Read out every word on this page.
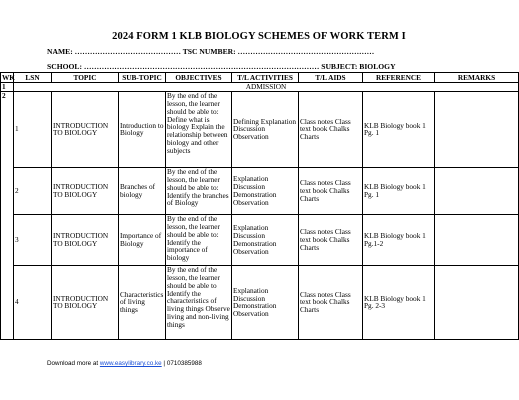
2024 FORM 1 KLB BIOLOGY SCHEMES OF WORK TERM I
NAME: …………………………………… TSC NUMBER: ………………………………………………
SCHOOL: ………………………………………………………………………………… SUBJECT: BIOLOGY
WK	LSN	TOPIC	SUB-TOPIC	OBJECTIVES	T/L ACTIVITIES	T/L AIDS	REFERENCE	REMARKS
1	ADMISSION							
2	1	INTRODUCTION TO BIOLOGY	Introduction to Biology	By the end of the lesson, the learner should be able to: Define what is biology Explain the relationship between biology and other subjects	Defining Explanation Discussion Observation	Class notes Class text book Chalks Charts	KLB Biology book 1 Pg. 1	
	2	INTRODUCTION TO BIOLOGY	Branches of biology	By the end of the lesson, the learner should be able to: Identify the branches of Biology	Explanation Discussion Demonstration Observation	Class notes Class text book Chalks Charts	KLB Biology book 1 Pg. 1	
	3	INTRODUCTION TO BIOLOGY	Importance of Biology	By the end of the lesson, the learner should be able to: Identify the importance of biology	Explanation Discussion Demonstration Observation	Class notes Class text book Chalks Charts	KLB Biology book 1 Pg.1-2	
	4	INTRODUCTION TO BIOLOGY	Characteristics of living things	By the end of the lesson, the learner should be able to Identify the characteristics of living things Observe living and non-living things	Explanation Discussion Demonstration Observation	Class notes Class text book Chalks Charts	KLB Biology book 1 Pg. 2-3	
Download more at www.easylibrary.co.ke | 0710385988
